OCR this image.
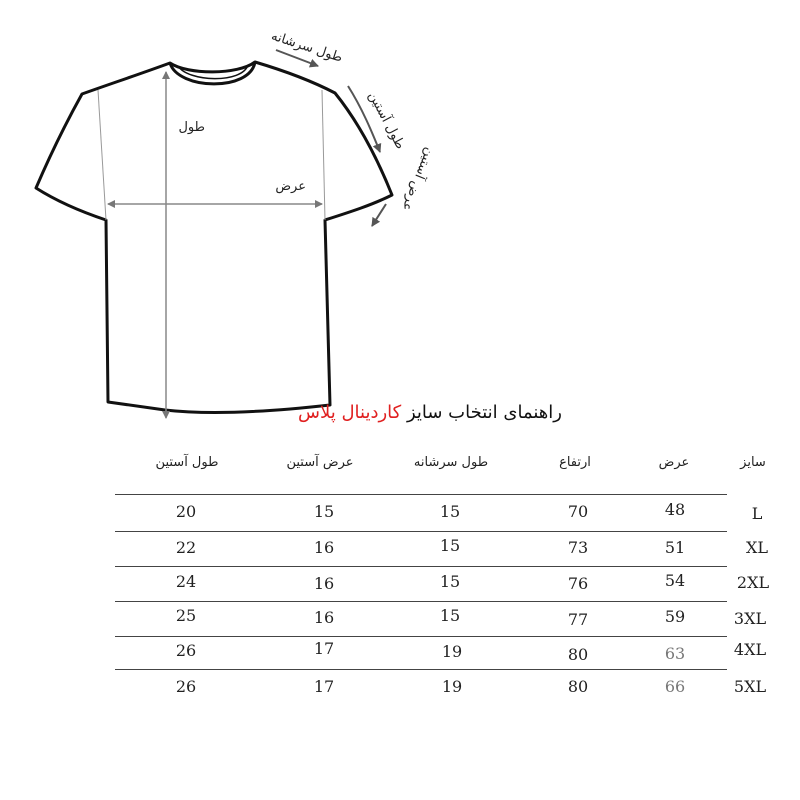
طول سرشانه
طول آستین
طول
عرض	عرض آستین
راهنمای انتخاب سایز کاردینال پلاس
سایز
عرض
ارتفاع
طول سرشانه
عرض آستین
طول آستین
L
48
70
15
15
20
XL
51
73
15
16
22
2XL
54
76
15
16
24
3XL
59
77
15
16
25
4XL
63
80
19
17
26
5XL
66
80
19
17
26
